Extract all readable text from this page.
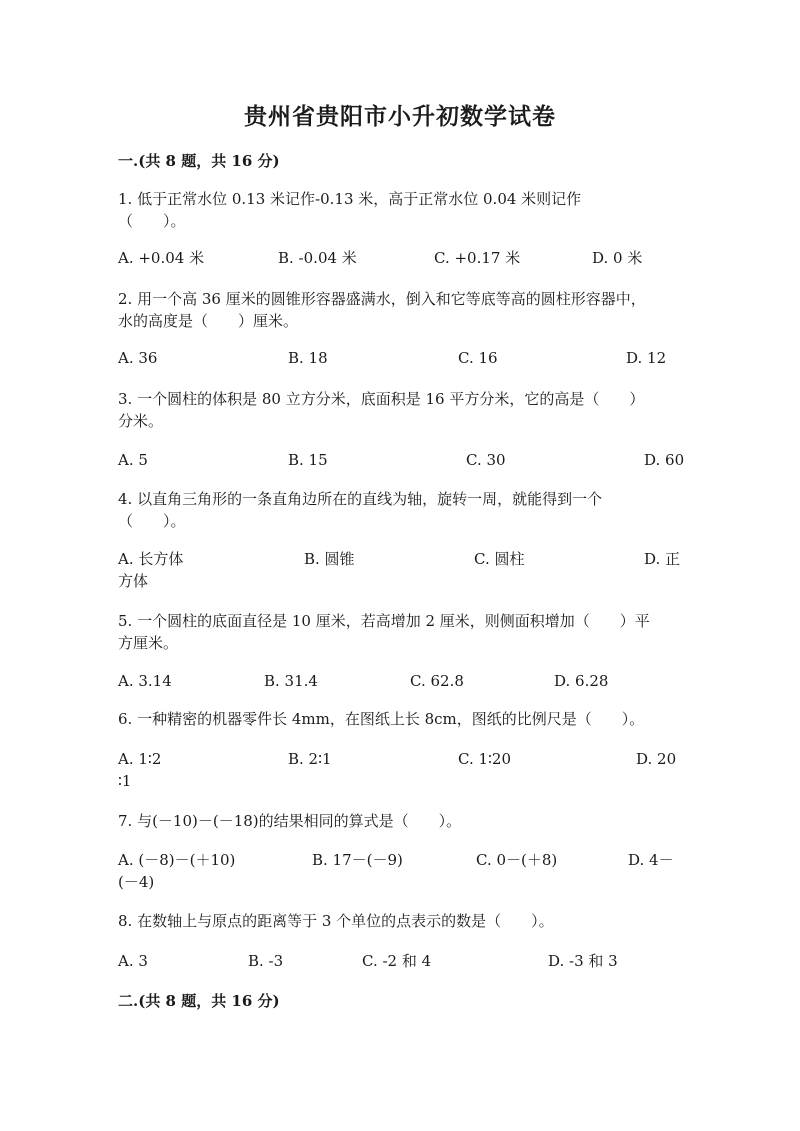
贵州省贵阳市小升初数学试卷
一.(共 8 题，共 16 分)
1. 低于正常水位 0.13 米记作-0.13 米，高于正常水位 0.04 米则记作
（　　）。
A. +0.04 米	B. -0.04 米	C. +0.17 米	D. 0 米
2. 用一个高 36 厘米的圆锥形容器盛满水，倒入和它等底等高的圆柱形容器中，
水的高度是（　　）厘米。
A. 36	B. 18	C. 16	D. 12
3. 一个圆柱的体积是 80 立方分米，底面积是 16 平方分米，它的高是（　　）
分米。
A. 5	B. 15	C. 30	D. 60
4. 以直角三角形的一条直角边所在的直线为轴，旋转一周，就能得到一个
（　　）。
A. 长方体	B. 圆锥	C. 圆柱	D. 正
方体
5. 一个圆柱的底面直径是 10 厘米，若高增加 2 厘米，则侧面积增加（　　）平
方厘米。
A. 3.14	B. 31.4	C. 62.8	D. 6.28
6. 一种精密的机器零件长 4mm，在图纸上长 8cm，图纸的比例尺是（　　）。
A. 1∶2	B. 2∶1	C. 1∶20	D. 20
∶1
7. 与(－10)－(－18)的结果相同的算式是（　　）。
A. (－8)－(＋10)	B. 17－(－9)	C. 0－(＋8)	D. 4－
(－4)
8. 在数轴上与原点的距离等于 3 个单位的点表示的数是（　　）。
A. 3	B. -3	C. -2 和 4	D. -3 和 3
二.(共 8 题，共 16 分)
